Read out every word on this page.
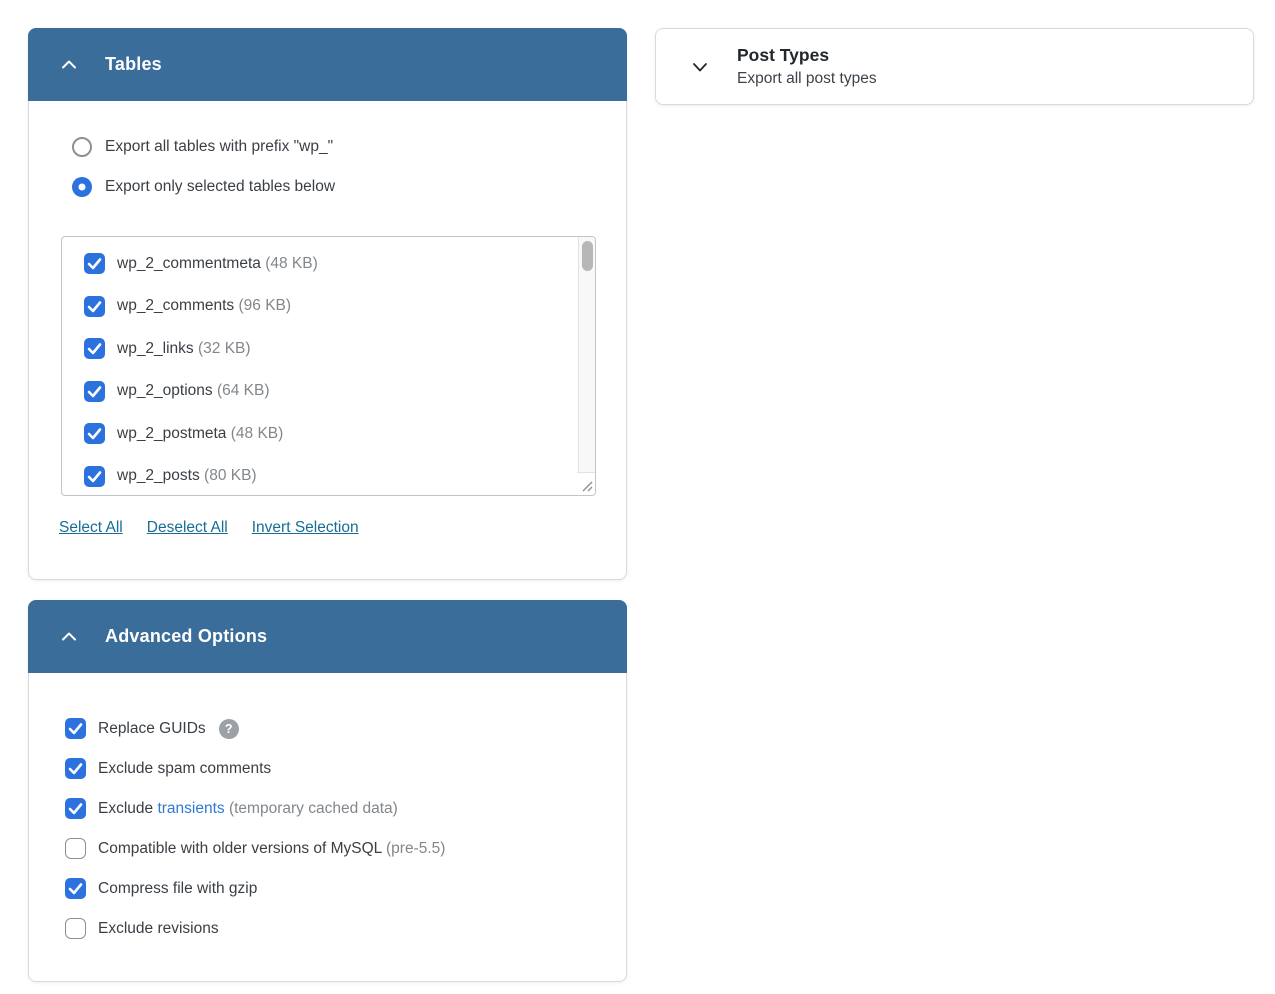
Tables
Export all tables with prefix "wp_"
Export only selected tables below
wp_2_commentmeta (48 KB)
wp_2_comments (96 KB)
wp_2_links (32 KB)
wp_2_options (64 KB)
wp_2_postmeta (48 KB)
wp_2_posts (80 KB)
Select All Deselect All Invert Selection
Advanced Options
Replace GUIDs	?
Exclude spam comments
Exclude transients (temporary cached data)
Compatible with older versions of MySQL (pre-5.5)
Compress file with gzip
Exclude revisions
Post Types
Export all post types
